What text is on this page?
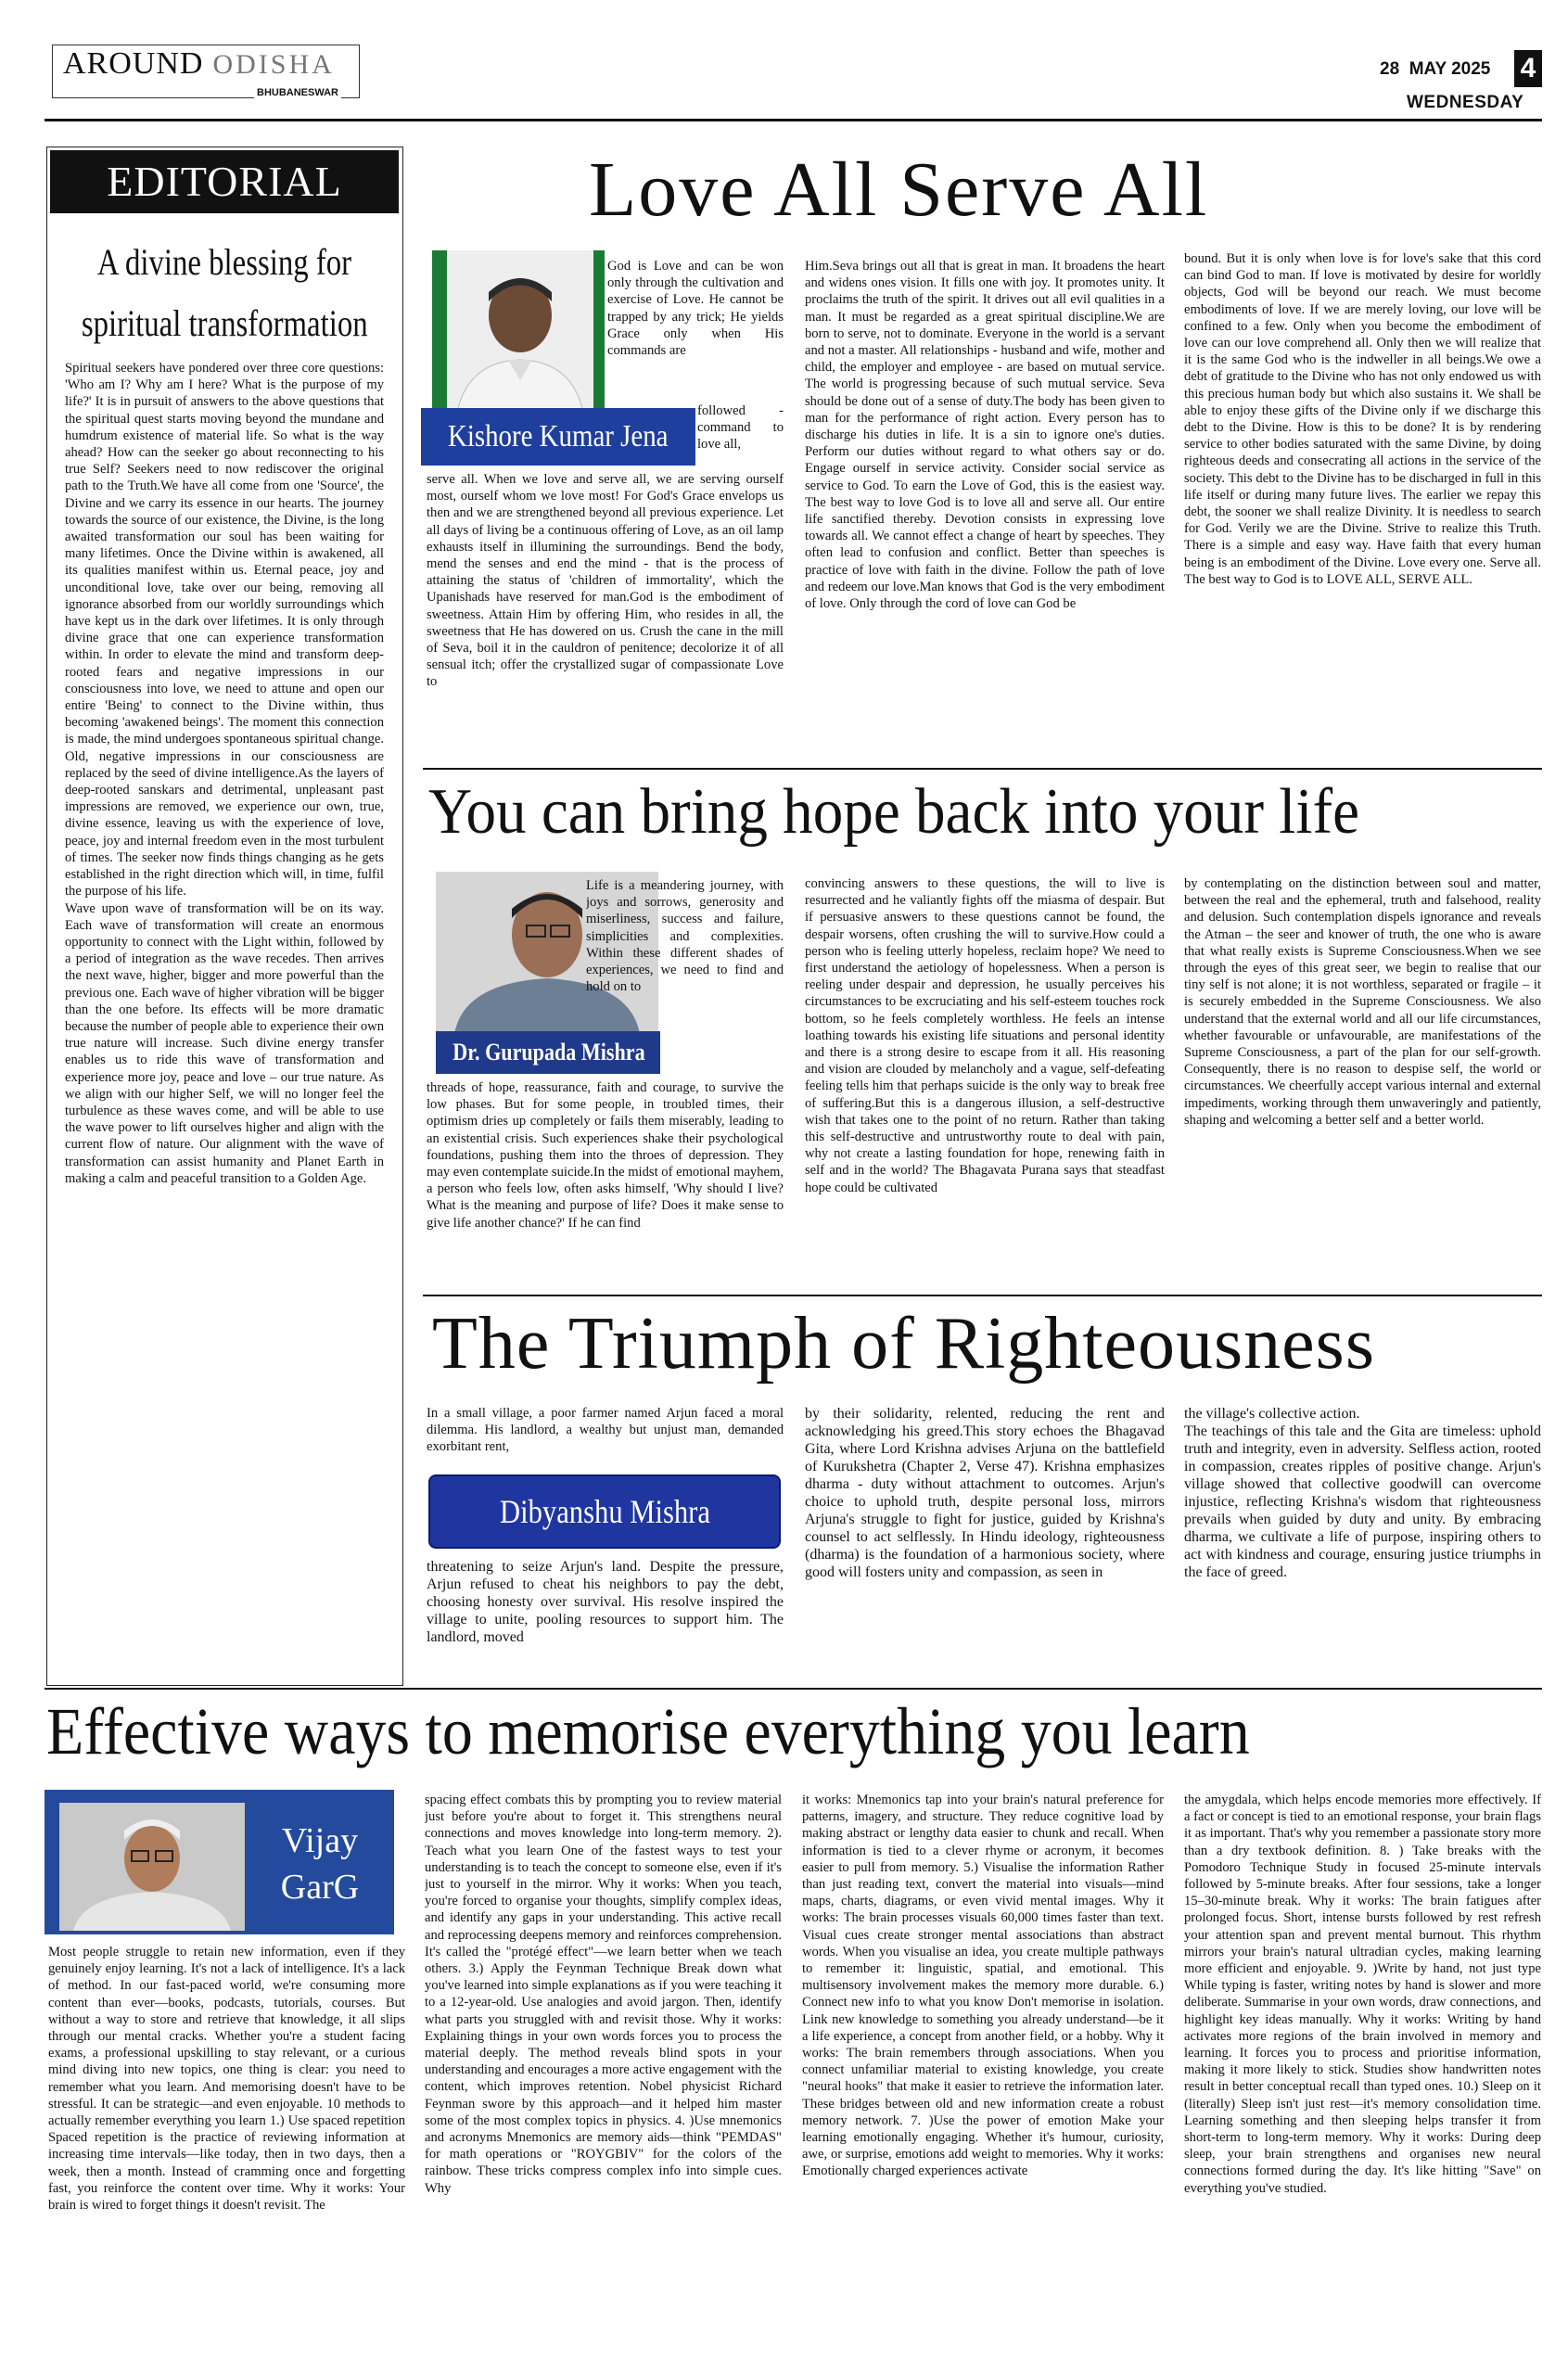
AROUND ODISHA
BHUBANESWAR
28  MAY 2025 4
WEDNESDAY
EDITORIAL
A divine blessing for
spiritual transformation
Spiritual seekers have pondered over three core questions: 'Who am I? Why am I here? What is the purpose of my life?' It is in pursuit of answers to the above questions that the spiritual quest starts moving beyond the mundane and humdrum existence of material life. So what is the way ahead? How can the seeker go about reconnecting to his true Self? Seekers need to now rediscover the original path to the Truth.We have all come from one 'Source', the Divine and we carry its essence in our hearts. The journey towards the source of our existence, the Divine, is the long awaited transformation our soul has been waiting for many lifetimes. Once the Divine within is awakened, all its qualities manifest within us. Eternal peace, joy and unconditional love, take over our being, removing all ignorance absorbed from our worldly surroundings which have kept us in the dark over lifetimes. It is only through divine grace that one can experience transformation within. In order to elevate the mind and transform deep-rooted fears and negative impressions in our consciousness into love, we need to attune and open our entire 'Being' to connect to the Divine within, thus becoming 'awakened beings'. The moment this connection is made, the mind undergoes spontaneous spiritual change. Old, negative impressions in our consciousness are replaced by the seed of divine intelligence.As the layers of deep-rooted sanskars and detrimental, unpleasant past impressions are removed, we experience our own, true, divine essence, leaving us with the experience of love, peace, joy and internal freedom even in the most turbulent of times. The seeker now finds things changing as he gets established in the right direction which will, in time, fulfil the purpose of his life.
Wave upon wave of transformation will be on its way. Each wave of transformation will create an enormous opportunity to connect with the Light within, followed by a period of integration as the wave recedes. Then arrives the next wave, higher, bigger and more powerful than the previous one. Each wave of higher vibration will be bigger than the one before. Its effects will be more dramatic because the number of people able to experience their own true nature will increase. Such divine energy transfer enables us to ride this wave of transformation and experience more joy, peace and love – our true nature. As we align with our higher Self, we will no longer feel the turbulence as these waves come, and will be able to use the wave power to lift ourselves higher and align with the current flow of nature. Our alignment with the wave of transformation can assist humanity and Planet Earth in making a calm and peaceful transition to a Golden Age.
Love All Serve All
Kishore Kumar Jena
God is Love and can be won only through the cultivation and exercise of Love. He cannot be trapped by any trick; He yields Grace only when His commands are
followed - command to love all,
serve all. When we love and serve all, we are serving ourself most, ourself whom we love most! For God's Grace envelops us then and we are strengthened beyond all previous experience. Let all days of living be a continuous offering of Love, as an oil lamp exhausts itself in illumining the surroundings. Bend the body, mend the senses and end the mind - that is the process of attaining the status of 'children of immortality', which the Upanishads have reserved for man.God is the embodiment of sweetness. Attain Him by offering Him, who resides in all, the sweetness that He has dowered on us. Crush the cane in the mill of Seva, boil it in the cauldron of penitence; decolorize it of all sensual itch; offer the crystallized sugar of compassionate Love to
Him.Seva brings out all that is great in man. It broadens the heart and widens ones vision. It fills one with joy. It promotes unity. It proclaims the truth of the spirit. It drives out all evil qualities in a man. It must be regarded as a great spiritual discipline.We are born to serve, not to dominate. Everyone in the world is a servant and not a master. All relationships - husband and wife, mother and child, the employer and employee - are based on mutual service. The world is progressing because of such mutual service. Seva should be done out of a sense of duty.The body has been given to man for the performance of right action. Every person has to discharge his duties in life. It is a sin to ignore one's duties. Perform our duties without regard to what others say or do. Engage ourself in service activity. Consider social service as service to God. To earn the Love of God, this is the easiest way. The best way to love God is to love all and serve all. Our entire life sanctified thereby. Devotion consists in expressing love towards all. We cannot effect a change of heart by speeches. They often lead to confusion and conflict. Better than speeches is practice of love with faith in the divine. Follow the path of love and redeem our love.Man knows that God is the very embodiment of love. Only through the cord of love can God be
bound. But it is only when love is for love's sake that this cord can bind God to man. If love is motivated by desire for worldly objects, God will be beyond our reach. We must become embodiments of love. If we are merely loving, our love will be confined to a few. Only when you become the embodiment of love can our love comprehend all. Only then we will realize that it is the same God who is the indweller in all beings.We owe a debt of gratitude to the Divine who has not only endowed us with this precious human body but which also sustains it. We shall be able to enjoy these gifts of the Divine only if we discharge this debt to the Divine. How is this to be done? It is by rendering service to other bodies saturated with the same Divine, by doing righteous deeds and consecrating all actions in the service of the society. This debt to the Divine has to be discharged in full in this life itself or during many future lives. The earlier we repay this debt, the sooner we shall realize Divinity. It is needless to search for God. Verily we are the Divine. Strive to realize this Truth. There is a simple and easy way. Have faith that every human being is an embodiment of the Divine. Love every one. Serve all. The best way to God is to LOVE ALL, SERVE ALL.
You can bring hope back into your life
Dr. Gurupada Mishra
Life is a meandering journey, with joys and sorrows, generosity and miserliness, success and failure, simplicities and complexities. Within these different shades of experiences, we need to find and hold on to
threads of hope, reassurance, faith and courage, to survive the low phases. But for some people, in troubled times, their optimism dries up completely or fails them miserably, leading to an existential crisis. Such experiences shake their psychological foundations, pushing them into the throes of depression. They may even contemplate suicide.In the midst of emotional mayhem, a person who feels low, often asks himself, 'Why should I live? What is the meaning and purpose of life? Does it make sense to give life another chance?' If he can find
convincing answers to these questions, the will to live is resurrected and he valiantly fights off the miasma of despair. But if persuasive answers to these questions cannot be found, the despair worsens, often crushing the will to survive.How could a person who is feeling utterly hopeless, reclaim hope? We need to first understand the aetiology of hopelessness. When a person is reeling under despair and depression, he usually perceives his circumstances to be excruciating and his self-esteem touches rock bottom, so he feels completely worthless. He feels an intense loathing towards his existing life situations and personal identity and there is a strong desire to escape from it all. His reasoning and vision are clouded by melancholy and a vague, self-defeating feeling tells him that perhaps suicide is the only way to break free of suffering.But this is a dangerous illusion, a self-destructive wish that takes one to the point of no return. Rather than taking this self-destructive and untrustworthy route to deal with pain, why not create a lasting foundation for hope, renewing faith in self and in the world? The Bhagavata Purana says that steadfast hope could be cultivated
by contemplating on the distinction between soul and matter, between the real and the ephemeral, truth and falsehood, reality and delusion. Such contemplation dispels ignorance and reveals the Atman – the seer and knower of truth, the one who is aware that what really exists is Supreme Consciousness.When we see through the eyes of this great seer, we begin to realise that our tiny self is not alone; it is not worthless, separated or fragile – it is securely embedded in the Supreme Consciousness. We also understand that the external world and all our life circumstances, whether favourable or unfavourable, are manifestations of the Supreme Consciousness, a part of the plan for our self-growth. Consequently, there is no reason to despise self, the world or circumstances. We cheerfully accept various internal and external impediments, working through them unwaveringly and patiently, shaping and welcoming a better self and a better world.
The Triumph of Righteousness
In a small village, a poor farmer named Arjun faced a moral dilemma. His landlord, a wealthy but unjust man, demanded exorbitant rent,
Dibyanshu Mishra
threatening to seize Arjun's land. Despite the pressure, Arjun refused to cheat his neighbors to pay the debt, choosing honesty over survival. His resolve inspired the village to unite, pooling resources to support him. The landlord, moved
by their solidarity, relented, reducing the rent and acknowledging his greed.This story echoes the Bhagavad Gita, where Lord Krishna advises Arjuna on the battlefield of Kurukshetra (Chapter 2, Verse 47). Krishna emphasizes dharma - duty without attachment to outcomes. Arjun's choice to uphold truth, despite personal loss, mirrors Arjuna's struggle to fight for justice, guided by Krishna's counsel to act selflessly. In Hindu ideology, righteousness (dharma) is the foundation of a harmonious society, where good will fosters unity and compassion, as seen in
the village's collective action.
The teachings of this tale and the Gita are timeless: uphold truth and integrity, even in adversity. Selfless action, rooted in compassion, creates ripples of positive change. Arjun's village showed that collective goodwill can overcome injustice, reflecting Krishna's wisdom that righteousness prevails when guided by duty and unity. By embracing dharma, we cultivate a life of purpose, inspiring others to act with kindness and courage, ensuring justice triumphs in the face of greed.
Effective ways to memorise everything you learn
Vijay
GarG
Most people struggle to retain new information, even if they genuinely enjoy learning. It's not a lack of intelligence. It's a lack of method. In our fast-paced world, we're consuming more content than ever—books, podcasts, tutorials, courses. But without a way to store and retrieve that knowledge, it all slips through our mental cracks. Whether you're a student facing exams, a professional upskilling to stay relevant, or a curious mind diving into new topics, one thing is clear: you need to remember what you learn. And memorising doesn't have to be stressful. It can be strategic—and even enjoyable. 10 methods to actually remember everything you learn 1.) Use spaced repetition Spaced repetition is the practice of reviewing information at increasing time intervals—like today, then in two days, then a week, then a month. Instead of cramming once and forgetting fast, you reinforce the content over time. Why it works: Your brain is wired to forget things it doesn't revisit. The
spacing effect combats this by prompting you to review material just before you're about to forget it. This strengthens neural connections and moves knowledge into long-term memory. 2). Teach what you learn One of the fastest ways to test your understanding is to teach the concept to someone else, even if it's just to yourself in the mirror. Why it works: When you teach, you're forced to organise your thoughts, simplify complex ideas, and identify any gaps in your understanding. This active recall and reprocessing deepens memory and reinforces comprehension. It's called the "protégé effect"—we learn better when we teach others. 3.) Apply the Feynman Technique Break down what you've learned into simple explanations as if you were teaching it to a 12-year-old. Use analogies and avoid jargon. Then, identify what parts you struggled with and revisit those. Why it works: Explaining things in your own words forces you to process the material deeply. The method reveals blind spots in your understanding and encourages a more active engagement with the content, which improves retention. Nobel physicist Richard Feynman swore by this approach—and it helped him master some of the most complex topics in physics. 4. )Use mnemonics and acronyms Mnemonics are memory aids—think "PEMDAS" for math operations or "ROYGBIV" for the colors of the rainbow. These tricks compress complex info into simple cues. Why
it works: Mnemonics tap into your brain's natural preference for patterns, imagery, and structure. They reduce cognitive load by making abstract or lengthy data easier to chunk and recall. When information is tied to a clever rhyme or acronym, it becomes easier to pull from memory. 5.) Visualise the information Rather than just reading text, convert the material into visuals—mind maps, charts, diagrams, or even vivid mental images. Why it works: The brain processes visuals 60,000 times faster than text. Visual cues create stronger mental associations than abstract words. When you visualise an idea, you create multiple pathways to remember it: linguistic, spatial, and emotional. This multisensory involvement makes the memory more durable. 6.) Connect new info to what you know Don't memorise in isolation. Link new knowledge to something you already understand—be it a life experience, a concept from another field, or a hobby. Why it works: The brain remembers through associations. When you connect unfamiliar material to existing knowledge, you create "neural hooks" that make it easier to retrieve the information later. These bridges between old and new information create a robust memory network. 7. )Use the power of emotion Make your learning emotionally engaging. Whether it's humour, curiosity, awe, or surprise, emotions add weight to memories. Why it works: Emotionally charged experiences activate
the amygdala, which helps encode memories more effectively. If a fact or concept is tied to an emotional response, your brain flags it as important. That's why you remember a passionate story more than a dry textbook definition. 8. ) Take breaks with the Pomodoro Technique Study in focused 25-minute intervals followed by 5-minute breaks. After four sessions, take a longer 15–30-minute break. Why it works: The brain fatigues after prolonged focus. Short, intense bursts followed by rest refresh your attention span and prevent mental burnout. This rhythm mirrors your brain's natural ultradian cycles, making learning more efficient and enjoyable. 9. )Write by hand, not just type While typing is faster, writing notes by hand is slower and more deliberate. Summarise in your own words, draw connections, and highlight key ideas manually. Why it works: Writing by hand activates more regions of the brain involved in memory and learning. It forces you to process and prioritise information, making it more likely to stick. Studies show handwritten notes result in better conceptual recall than typed ones. 10.) Sleep on it (literally) Sleep isn't just rest—it's memory consolidation time. Learning something and then sleeping helps transfer it from short-term to long-term memory. Why it works: During deep sleep, your brain strengthens and organises new neural connections formed during the day. It's like hitting "Save" on everything you've studied.
